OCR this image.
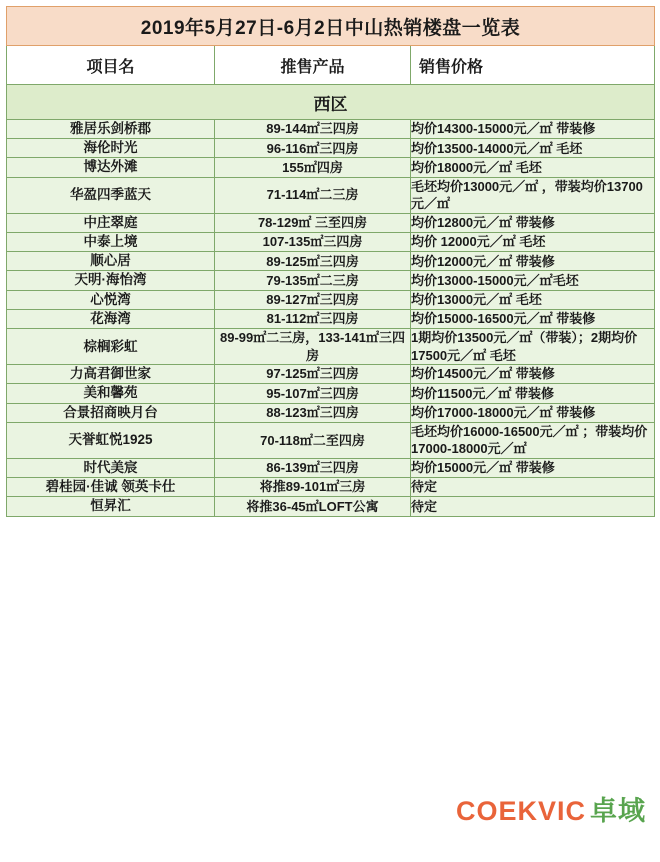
2019年5月27日-6月2日中山热销楼盘一览表		
项目名	推售产品	销售价格
西区		
雅居乐剑桥郡	89-144㎡三四房	均价14300-15000元／㎡ 带装修
海伦时光	96-116㎡三四房	均价13500-14000元／㎡ 毛坯
博达外滩	155㎡四房	均价18000元／㎡ 毛坯
华盈四季蓝天	71-114㎡二三房	毛坯均价13000元／㎡ ，带装均价13700元／㎡
中庄翠庭	78-129㎡ 三至四房	均价12800元／㎡ 带装修
中泰上境	107-135㎡三四房	均价 12000元／㎡ 毛坯
顺心居	89-125㎡三四房	均价12000元／㎡ 带装修
天明·海怡湾	79-135㎡二三房	均价13000-15000元／㎡毛坯
心悦湾	89-127㎡三四房	均价13000元／㎡ 毛坯
花海湾	81-112㎡三四房	均价15000-16500元／㎡ 带装修
棕榈彩虹	89-99㎡二三房，133-141㎡三四房	1期均价13500元／㎡（带装）；2期均价17500元／㎡ 毛坯
力高君御世家	97-125㎡三四房	均价14500元／㎡ 带装修
美和馨苑	95-107㎡三四房	均价11500元／㎡ 带装修
合景招商映月台	88-123㎡三四房	均价17000-18000元／㎡ 带装修
天誉虹悦1925	70-118㎡二至四房	毛坯均价16000-16500元／㎡ ；带装均价17000-18000元／㎡
时代美宸	86-139㎡三四房	均价15000元／㎡ 带装修
碧桂园·佳诚 领英卡仕	将推89-101㎡三房	待定
恒昇汇	将推36-45㎡LOFT公寓	待定
COEKVIC 卓域
